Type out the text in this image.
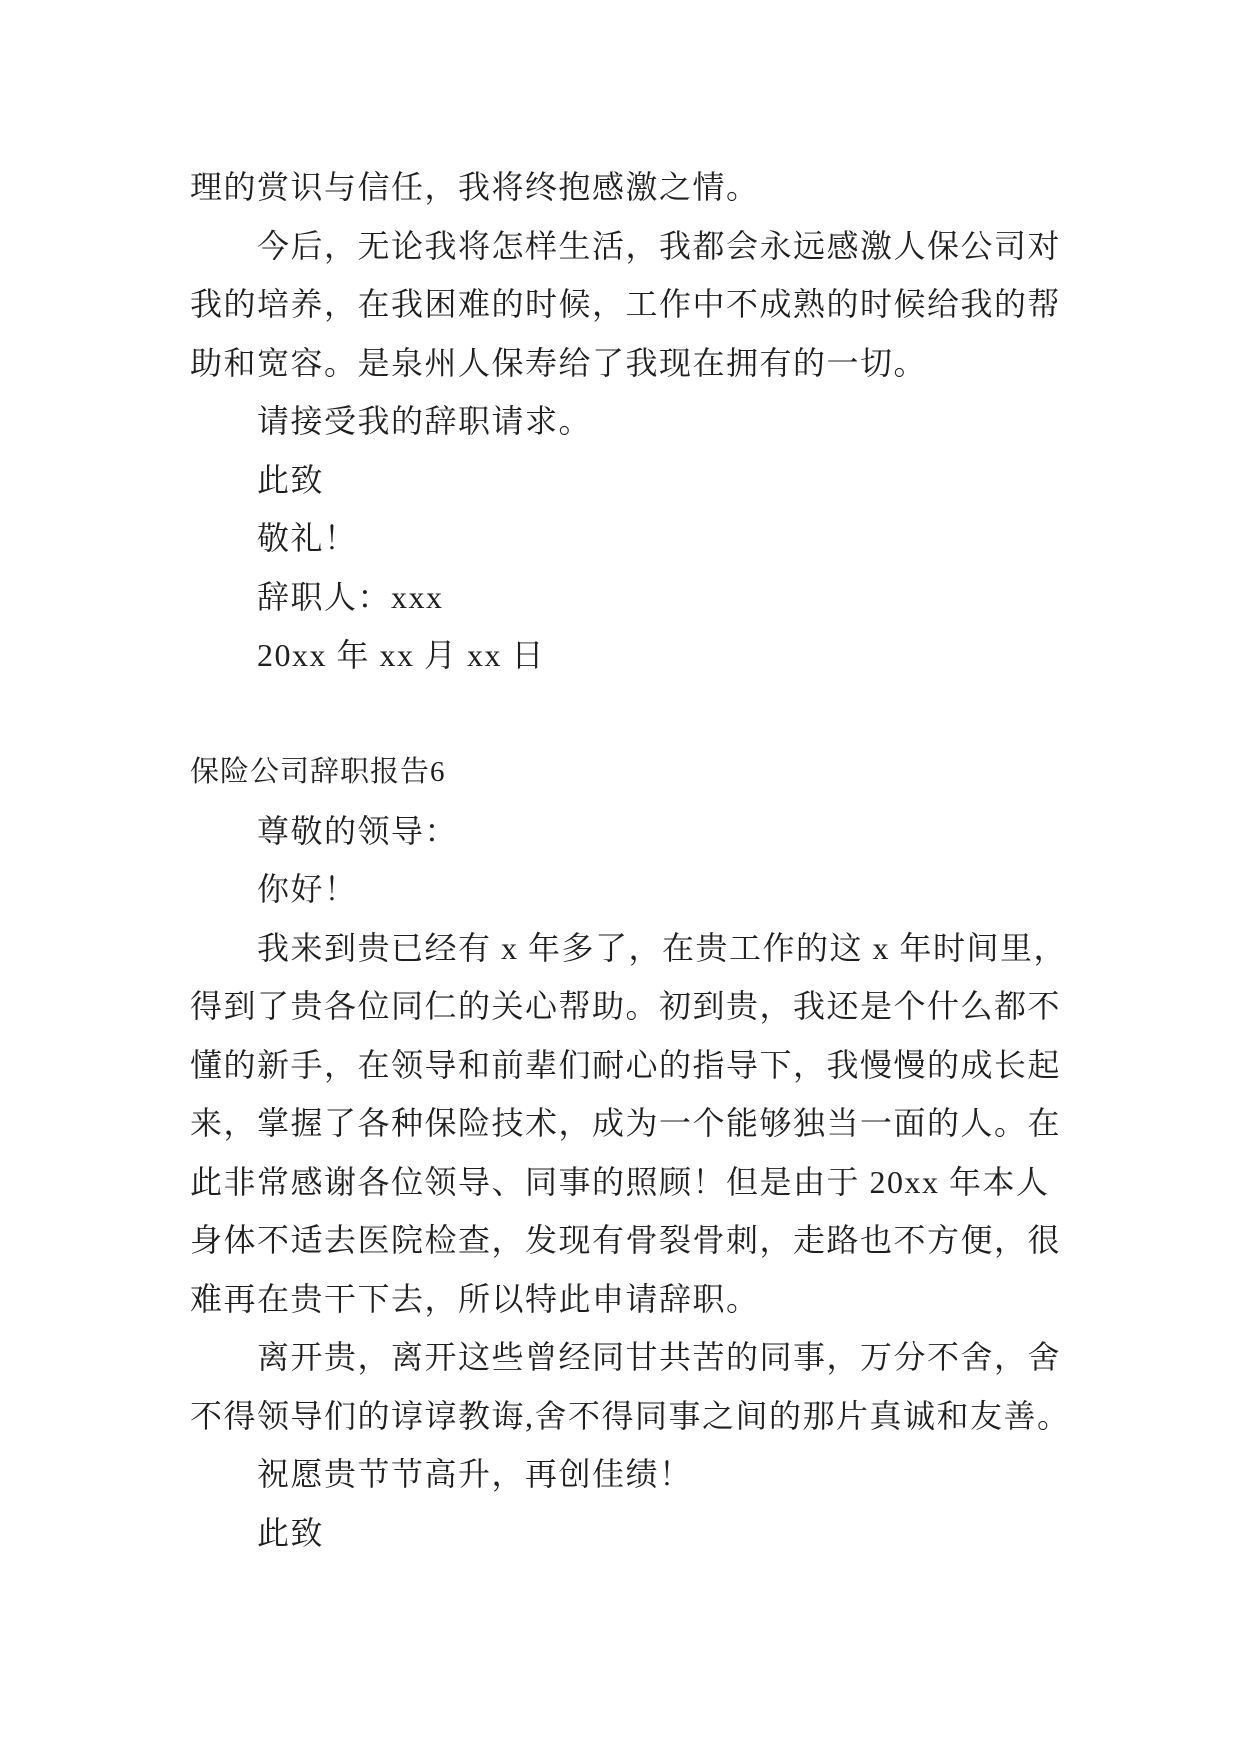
理的赏识与信任，我将终抱感激之情。
今后，无论我将怎样生活，我都会永远感激人保公司对
我的培养，在我困难的时候，工作中不成熟的时候给我的帮
助和宽容。是泉州人保寿给了我现在拥有的一切。
请接受我的辞职请求。
此致
敬礼！
辞职人：xxx
20xx 年 xx 月 xx 日

保险公司辞职报告6
尊敬的领导：
你好！
我来到贵已经有 x 年多了，在贵工作的这 x 年时间里，
得到了贵各位同仁的关心帮助。初到贵，我还是个什么都不
懂的新手，在领导和前辈们耐心的指导下，我慢慢的成长起
来，掌握了各种保险技术，成为一个能够独当一面的人。在
此非常感谢各位领导、同事的照顾！但是由于 20xx 年本人
身体不适去医院检查，发现有骨裂骨刺，走路也不方便，很
难再在贵干下去，所以特此申请辞职。
离开贵，离开这些曾经同甘共苦的同事，万分不舍，舍
不得领导们的谆谆教诲,舍不得同事之间的那片真诚和友善。
祝愿贵节节高升，再创佳绩！
此致
